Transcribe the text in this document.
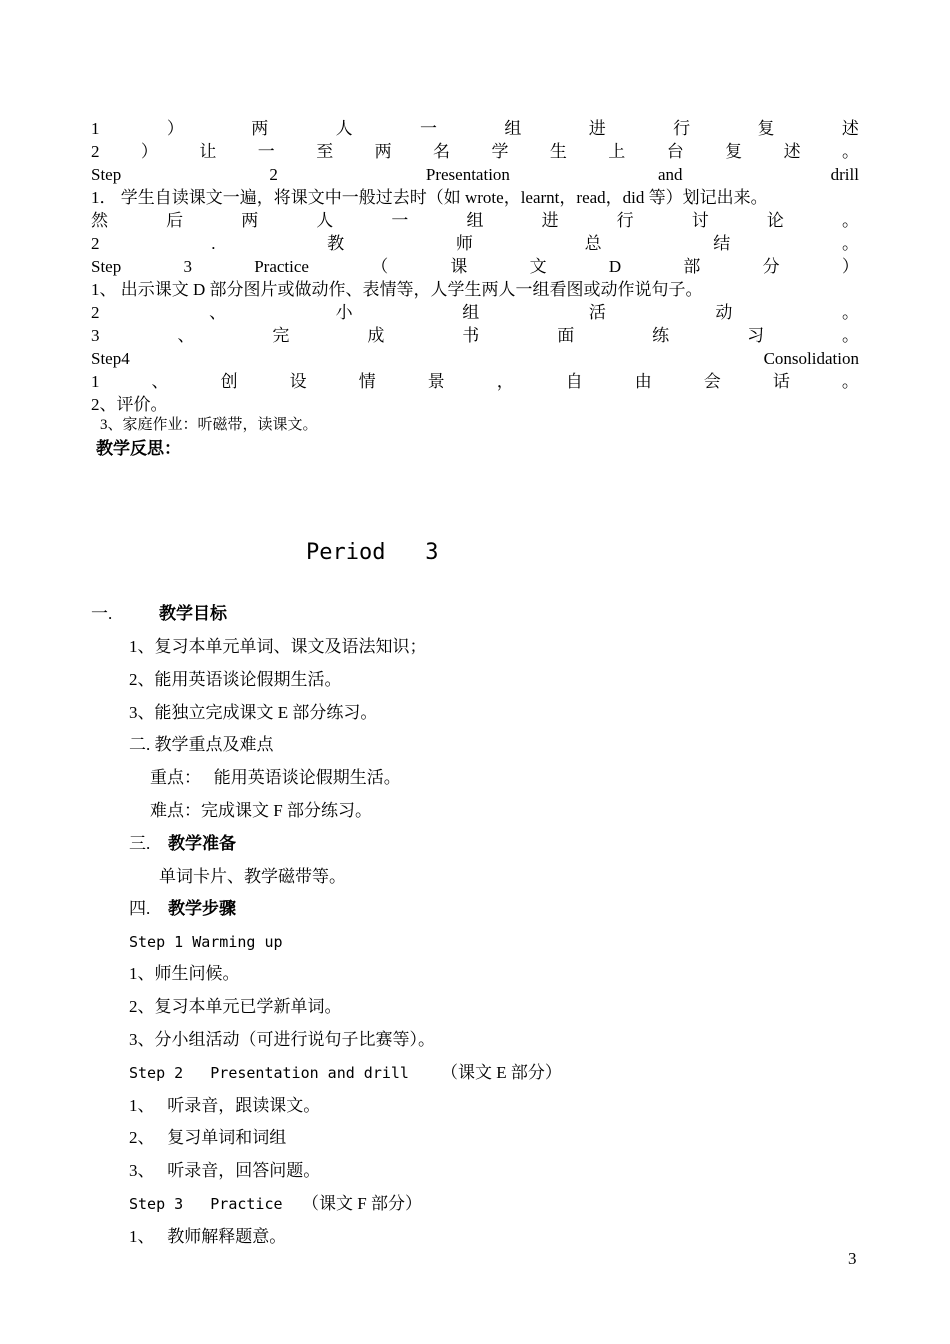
1	）	两	人	一	组	进	行	复	述
2 ） 让 一 至 两 名 学 生 上 台 复 述 。
Step	2	Presentation	and	drill
1． 学生自读课文一遍，将课文中一般过去时（如 wrote，learnt，read，did 等）划记出来。
然	后	两	人	一	组	进	行	讨	论	。
2	.	教	师	总	结	。
Step	3	Practice	（	课	文	D	部	分	）
1、 出示课文 D 部分图片或做动作、表情等，人学生两人一组看图或动作说句子。
2	、	小	组	活	动	。
3	、	完	成	书	面	练	习	。
Step4	Consolidation
1	、	创	设	情	景	，	自	由	会	话	。
2、评价。
3、家庭作业：听磁带，读课文。
教学反思：
Period   3
一.	教学目标
1、复习本单元单词、课文及语法知识；
2、能用英语谈论假期生活。
3、能独立完成课文 E 部分练习。
二. 教学重点及难点
重点：   能用英语谈论假期生活。
难点：完成课文 F 部分练习。
三. 教学准备
单词卡片、教学磁带等。
四. 教学步骤
Step 1 Warming up
1、师生问候。
2、复习本单元已学新单词。
3、分小组活动（可进行说句子比赛等）。
Step 2   Presentation and drill （课文 E 部分）
1、   听录音，跟读课文。
2、   复习单词和词组
3、   听录音，回答问题。
Step 3   Practice （课文 F 部分）
1、   教师解释题意。
3
